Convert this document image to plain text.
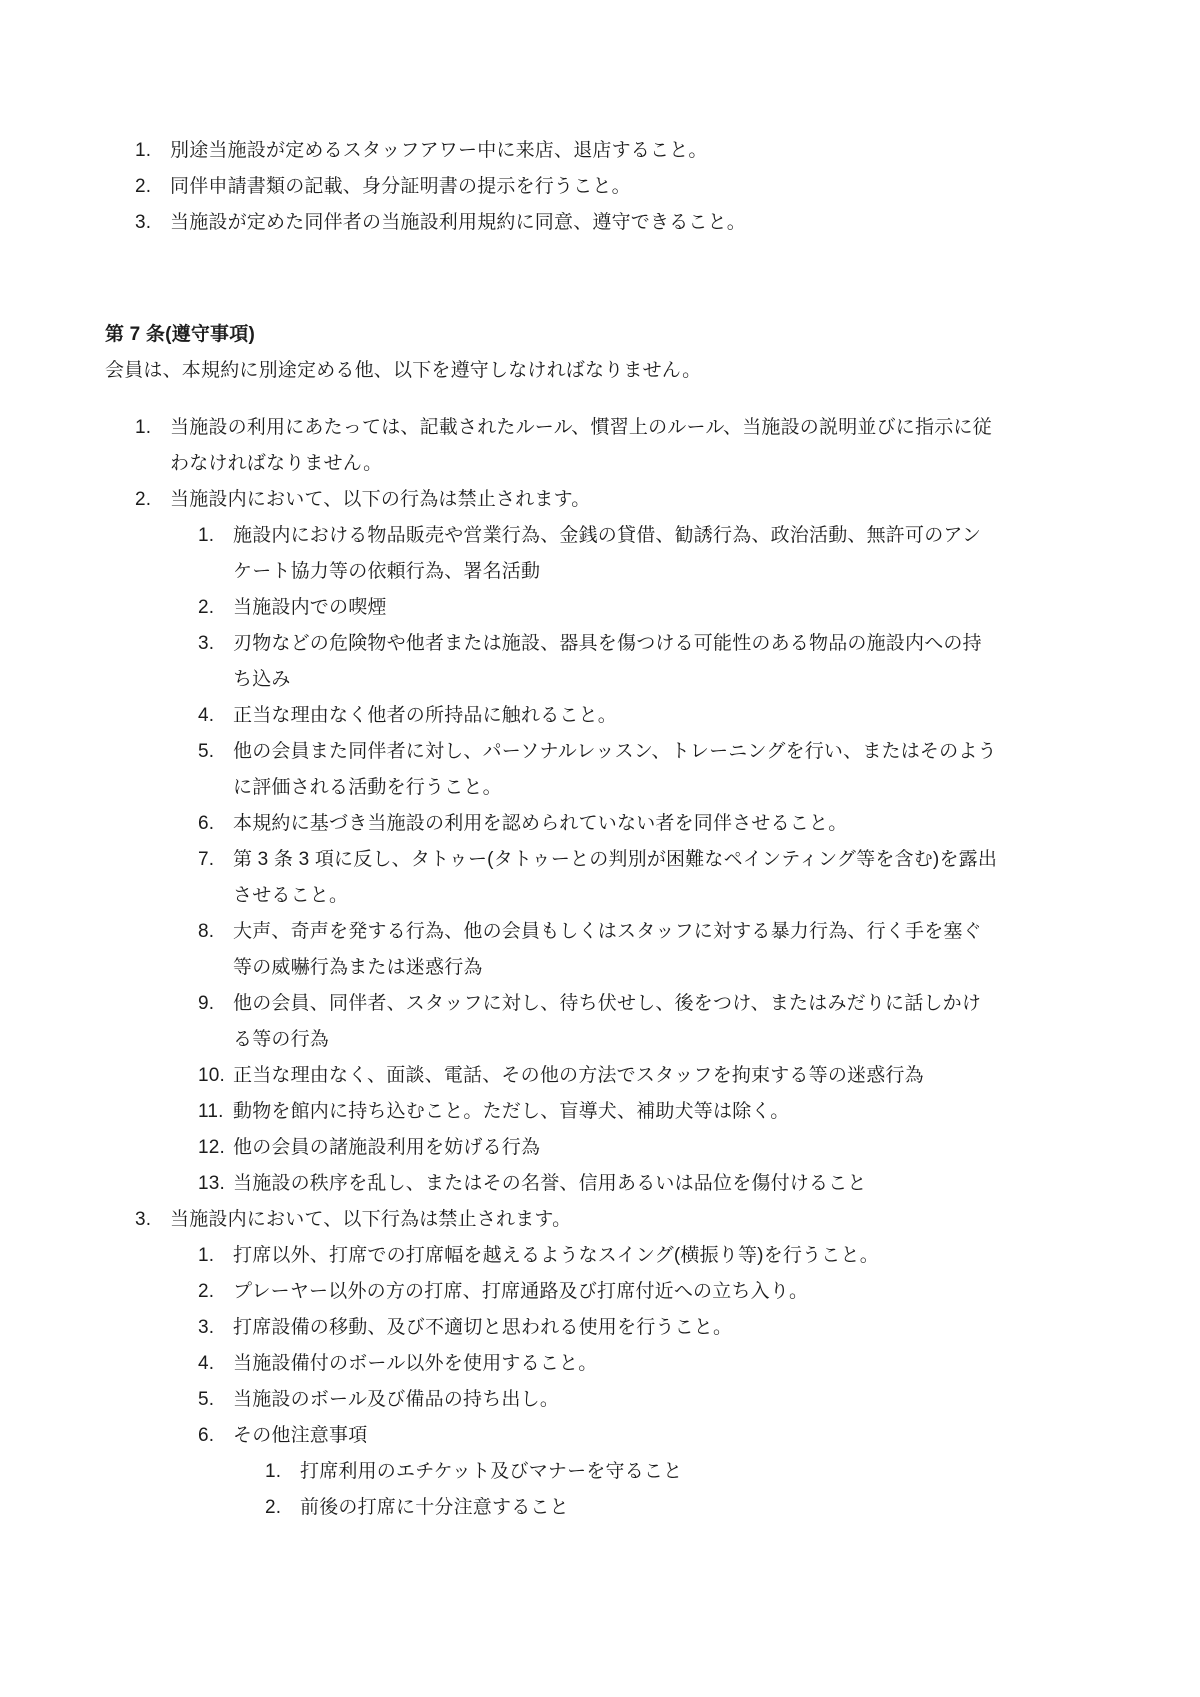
別途当施設が定めるスタッフアワー中に来店、退店すること。
同伴申請書類の記載、身分証明書の提示を行うこと。
当施設が定めた同伴者の当施設利用規約に同意、遵守できること。
第 7 条(遵守事項)

会員は、本規約に別途定める他、以下を遵守しなければなりません。

当施設の利用にあたっては、記載されたルール、慣習上のルール、当施設の説明並びに指示に従わなければなりません。
当施設内において、以下の行為は禁止されます。
施設内における物品販売や営業行為、金銭の貸借、勧誘行為、政治活動、無許可のアンケート協力等の依頼行為、署名活動
当施設内での喫煙
刃物などの危険物や他者または施設、器具を傷つける可能性のある物品の施設内への持ち込み
正当な理由なく他者の所持品に触れること。
他の会員また同伴者に対し、パーソナルレッスン、トレーニングを行い、またはそのように評価される活動を行うこと。
本規約に基づき当施設の利用を認められていない者を同伴させること。
第 3 条 3 項に反し、タトゥー(タトゥーとの判別が困難なペインティング等を含む)を露出させること。
大声、奇声を発する行為、他の会員もしくはスタッフに対する暴力行為、行く手を塞ぐ等の威嚇行為または迷惑行為
他の会員、同伴者、スタッフに対し、待ち伏せし、後をつけ、またはみだりに話しかける等の行為
正当な理由なく、面談、電話、その他の方法でスタッフを拘束する等の迷惑行為
動物を館内に持ち込むこと。ただし、盲導犬、補助犬等は除く。
他の会員の諸施設利用を妨げる行為
当施設の秩序を乱し、またはその名誉、信用あるいは品位を傷付けること
当施設内において、以下行為は禁止されます。
打席以外、打席での打席幅を越えるようなスイング(横振り等)を行うこと。
プレーヤー以外の方の打席、打席通路及び打席付近への立ち入り。
打席設備の移動、及び不適切と思われる使用を行うこと。
当施設備付のボール以外を使用すること。
当施設のボール及び備品の持ち出し。
その他注意事項
打席利用のエチケット及びマナーを守ること
前後の打席に十分注意すること
